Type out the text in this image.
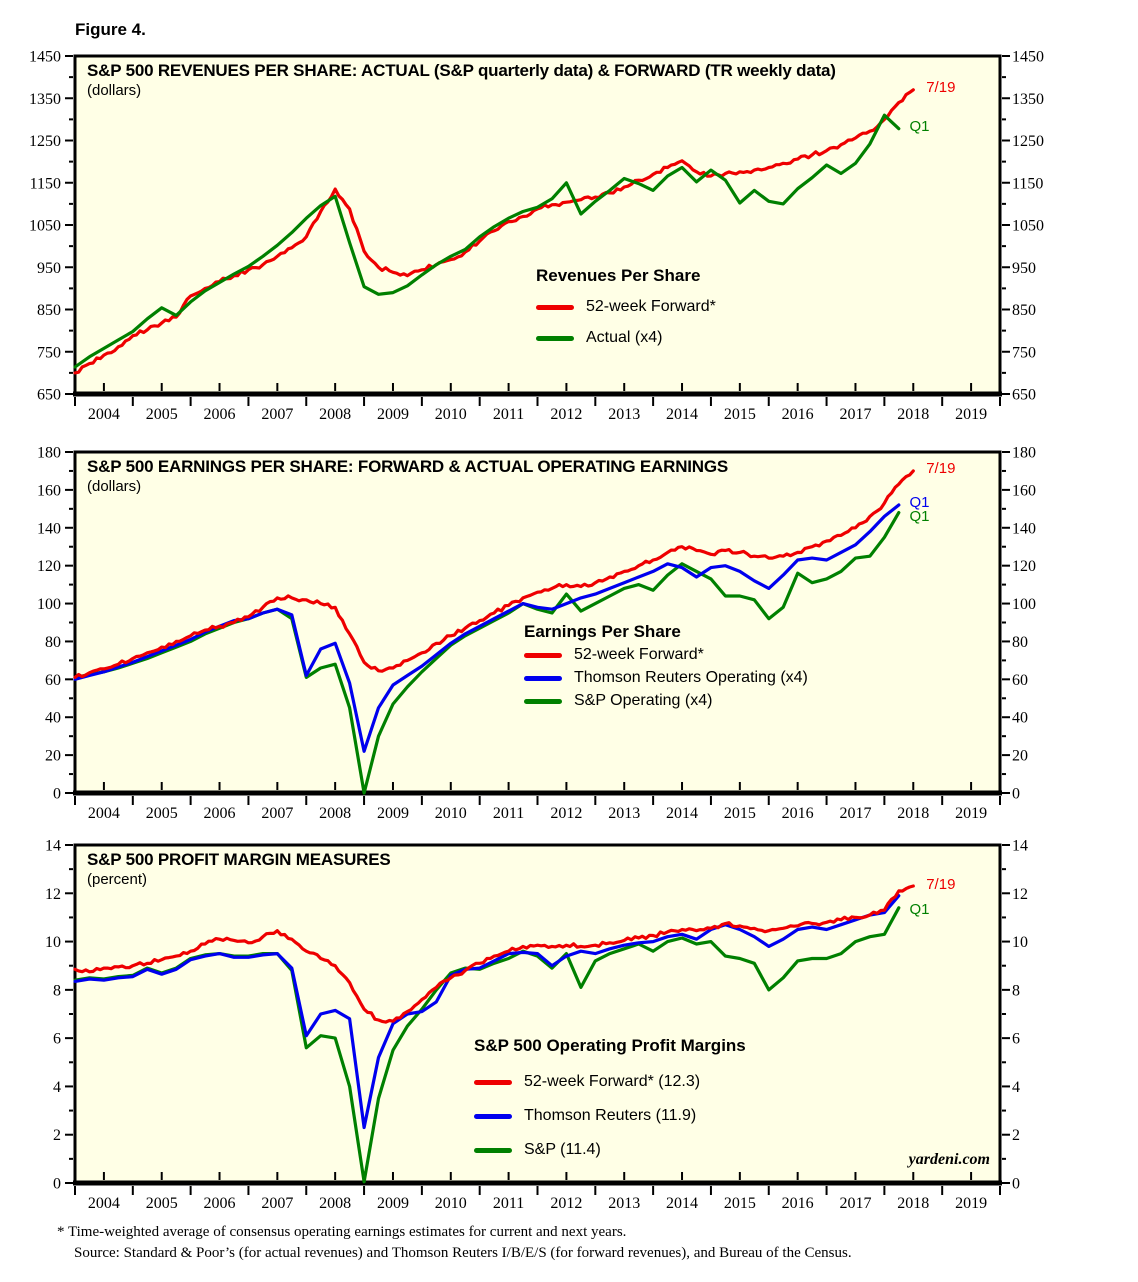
650	650
750	750
850	850
950	950
1050	1050
1150	1150
1250	1250
1350	1350
1450	1450
2004 2005 2006 2007 2008 2009 2010 2011 2012 2013 2014 2015 2016 2017 2018 2019
0	0
20	20
40	40
60	60
80	80
100	100
120	120
140	140
160	160
180	180
2004 2005 2006 2007 2008 2009 2010 2011 2012 2013 2014 2015 2016 2017 2018 2019
0	0
2	2
4	4
6	6
8	8
10	10
12	12
14	14
2004 2005 2006 2007 2008 2009 2010 2011 2012 2013 2014 2015 2016 2017 2018 2019
Figure 4.
S&P 500 REVENUES PER SHARE: ACTUAL (S&P quarterly data) & FORWARD (TR weekly data)
(dollars)
S&P 500 EARNINGS PER SHARE: FORWARD & ACTUAL OPERATING EARNINGS
(dollars)
S&P 500 PROFIT MARGIN MEASURES
(percent)
Revenues Per Share
52-week Forward*
Actual (x4)
Earnings Per Share
52-week Forward*
Thomson Reuters Operating (x4)
S&P Operating (x4)
S&P 500 Operating Profit Margins
52-week Forward* (12.3)
Thomson Reuters (11.9)
S&P (11.4)
yardeni.com
* Time-weighted average of consensus operating earnings estimates for current and next years.
Source: Standard & Poor’s (for actual revenues) and Thomson Reuters I/B/E/S (for forward revenues), and Bureau of the Census.
7/19
Q1
7/19
Q1
Q1
7/19
Q1
